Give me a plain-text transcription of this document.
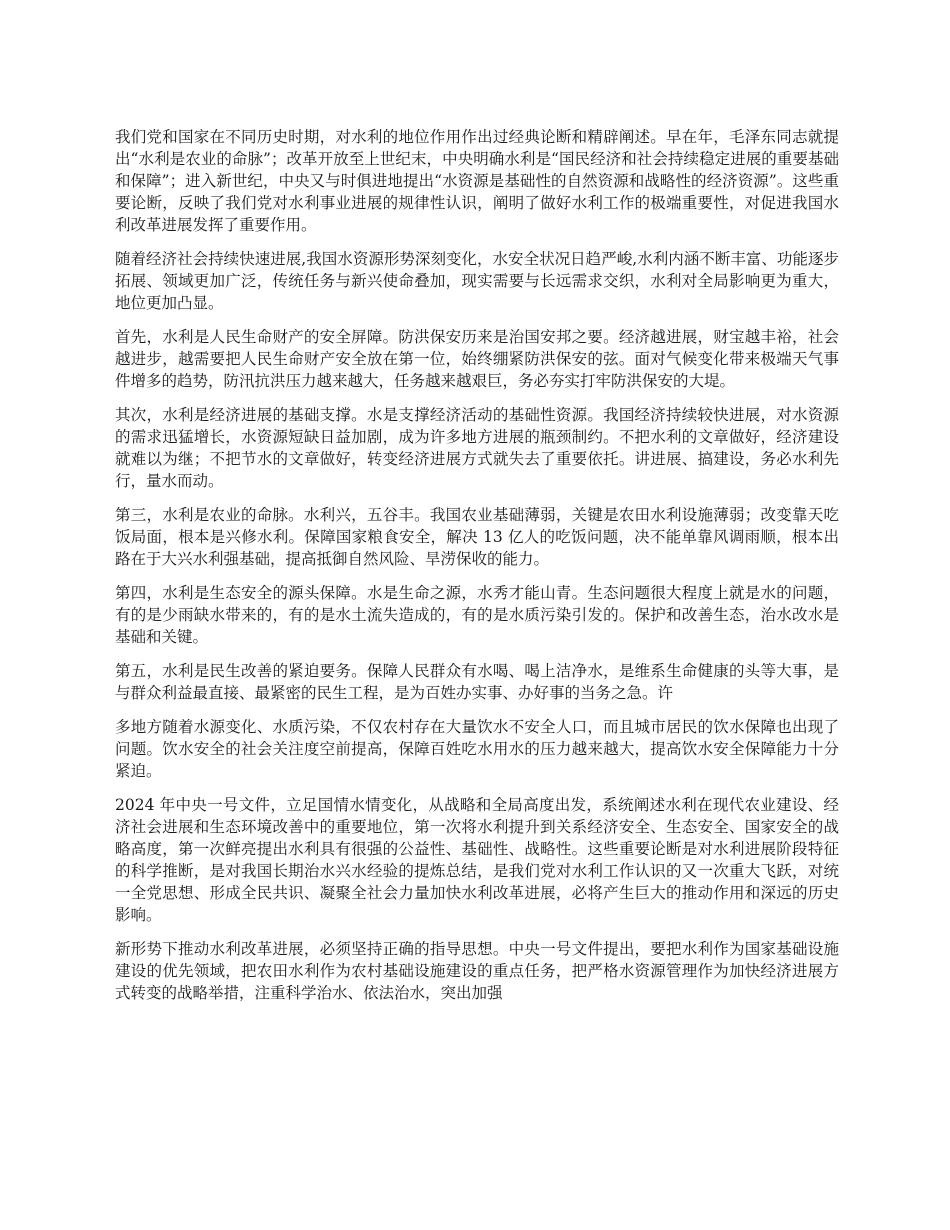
我们党和国家在不同历史时期，对水利的地位作用作出过经典论断和精辟阐述。早在年，毛泽东同志就提出“水利是农业的命脉”；改革开放至上世纪末，中央明确水利是“国民经济和社会持续稳定进展的重要基础和保障”；进入新世纪，中央又与时俱进地提出“水资源是基础性的自然资源和战略性的经济资源”。这些重要论断，反映了我们党对水利事业进展的规律性认识，阐明了做好水利工作的极端重要性，对促进我国水利改革进展发挥了重要作用。

随着经济社会持续快速进展,我国水资源形势深刻变化，水安全状况日趋严峻,水利内涵不断丰富、功能逐步拓展、领域更加广泛，传统任务与新兴使命叠加，现实需要与长远需求交织，水利对全局影响更为重大，地位更加凸显。

首先，水利是人民生命财产的安全屏障。防洪保安历来是治国安邦之要。经济越进展，财宝越丰裕，社会越进步，越需要把人民生命财产安全放在第一位，始终绷紧防洪保安的弦。面对气候变化带来极端天气事件增多的趋势，防汛抗洪压力越来越大，任务越来越艰巨，务必夯实打牢防洪保安的大堤。

其次，水利是经济进展的基础支撑。水是支撑经济活动的基础性资源。我国经济持续较快进展，对水资源的需求迅猛增长，水资源短缺日益加剧，成为许多地方进展的瓶颈制约。不把水利的文章做好，经济建设就难以为继；不把节水的文章做好，转变经济进展方式就失去了重要依托。讲进展、搞建设，务必水利先行，量水而动。

第三，水利是农业的命脉。水利兴，五谷丰。我国农业基础薄弱，关键是农田水利设施薄弱；改变靠天吃饭局面，根本是兴修水利。保障国家粮食安全，解决 13 亿人的吃饭问题，决不能单靠风调雨顺，根本出路在于大兴水利强基础，提高抵御自然风险、旱涝保收的能力。

第四，水利是生态安全的源头保障。水是生命之源，水秀才能山青。生态问题很大程度上就是水的问题，有的是少雨缺水带来的，有的是水土流失造成的，有的是水质污染引发的。保护和改善生态，治水改水是基础和关键。

第五，水利是民生改善的紧迫要务。保障人民群众有水喝、喝上洁净水，是维系生命健康的头等大事，是与群众利益最直接、最紧密的民生工程，是为百姓办实事、办好事的当务之急。许

多地方随着水源变化、水质污染，不仅农村存在大量饮水不安全人口，而且城市居民的饮水保障也出现了问题。饮水安全的社会关注度空前提高，保障百姓吃水用水的压力越来越大，提高饮水安全保障能力十分紧迫。

2024 年中央一号文件，立足国情水情变化，从战略和全局高度出发，系统阐述水利在现代农业建设、经济社会进展和生态环境改善中的重要地位，第一次将水利提升到关系经济安全、生态安全、国家安全的战略高度，第一次鲜亮提出水利具有很强的公益性、基础性、战略性。这些重要论断是对水利进展阶段特征的科学推断，是对我国长期治水兴水经验的提炼总结，是我们党对水利工作认识的又一次重大飞跃，对统一全党思想、形成全民共识、凝聚全社会力量加快水利改革进展，必将产生巨大的推动作用和深远的历史影响。

新形势下推动水利改革进展，必须坚持正确的指导思想。中央一号文件提出，要把水利作为国家基础设施建设的优先领域，把农田水利作为农村基础设施建设的重点任务，把严格水资源管理作为加快经济进展方式转变的战略举措，注重科学治水、依法治水，突出加强
